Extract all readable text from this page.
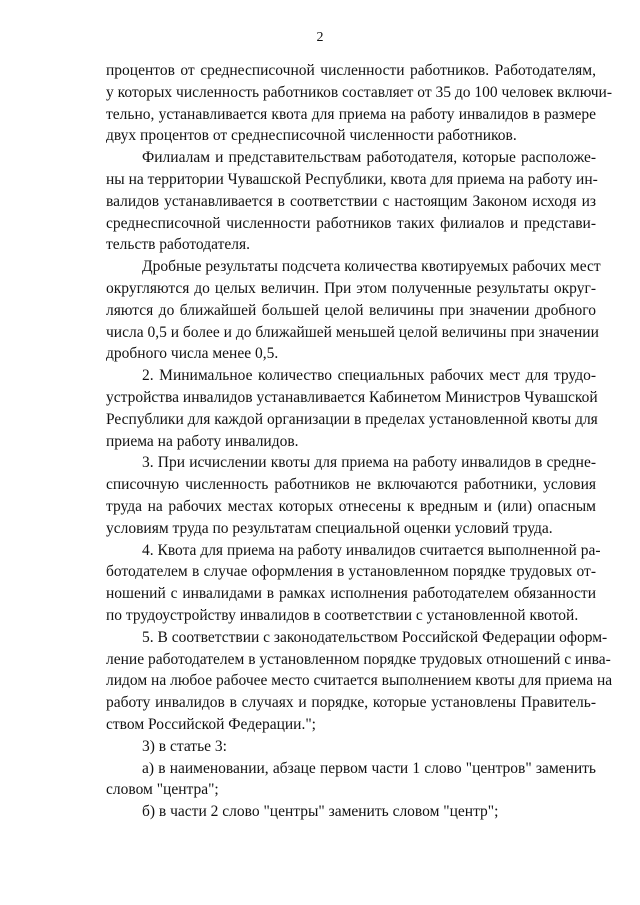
2

процентов от среднесписочной численности работников. Работодателям,
у которых численность работников составляет от 35 до 100 человек включи-
тельно, устанавливается квота для приема на работу инвалидов в размере
двух процентов от среднесписочной численности работников.

Филиалам и представительствам работодателя, которые расположе-
ны на территории Чувашской Республики, квота для приема на работу ин-
валидов устанавливается в соответствии с настоящим Законом исходя из
среднесписочной численности работников таких филиалов и представи-
тельств работодателя.

Дробные результаты подсчета количества квотируемых рабочих мест
округляются до целых величин. При этом полученные результаты округ-
ляются до ближайшей большей целой величины при значении дробного
числа 0,5 и более и до ближайшей меньшей целой величины при значении
дробного числа менее 0,5.

2. Минимальное количество специальных рабочих мест для трудо-
устройства инвалидов устанавливается Кабинетом Министров Чувашской
Республики для каждой организации в пределах установленной квоты для
приема на работу инвалидов.

3. При исчислении квоты для приема на работу инвалидов в средне-
списочную численность работников не включаются работники, условия
труда на рабочих местах которых отнесены к вредным и (или) опасным
условиям труда по результатам специальной оценки условий труда.

4. Квота для приема на работу инвалидов считается выполненной ра-
ботодателем в случае оформления в установленном порядке трудовых от-
ношений с инвалидами в рамках исполнения работодателем обязанности
по трудоустройству инвалидов в соответствии с установленной квотой.

5. В соответствии с законодательством Российской Федерации оформ-
ление работодателем в установленном порядке трудовых отношений с инва-
лидом на любое рабочее место считается выполнением квоты для приема на
работу инвалидов в случаях и порядке, которые установлены Правитель-
ством Российской Федерации.";

3) в статье 3:

а) в наименовании, абзаце первом части 1 слово "центров" заменить
словом "центра";

б) в части 2 слово "центры" заменить словом "центр";
